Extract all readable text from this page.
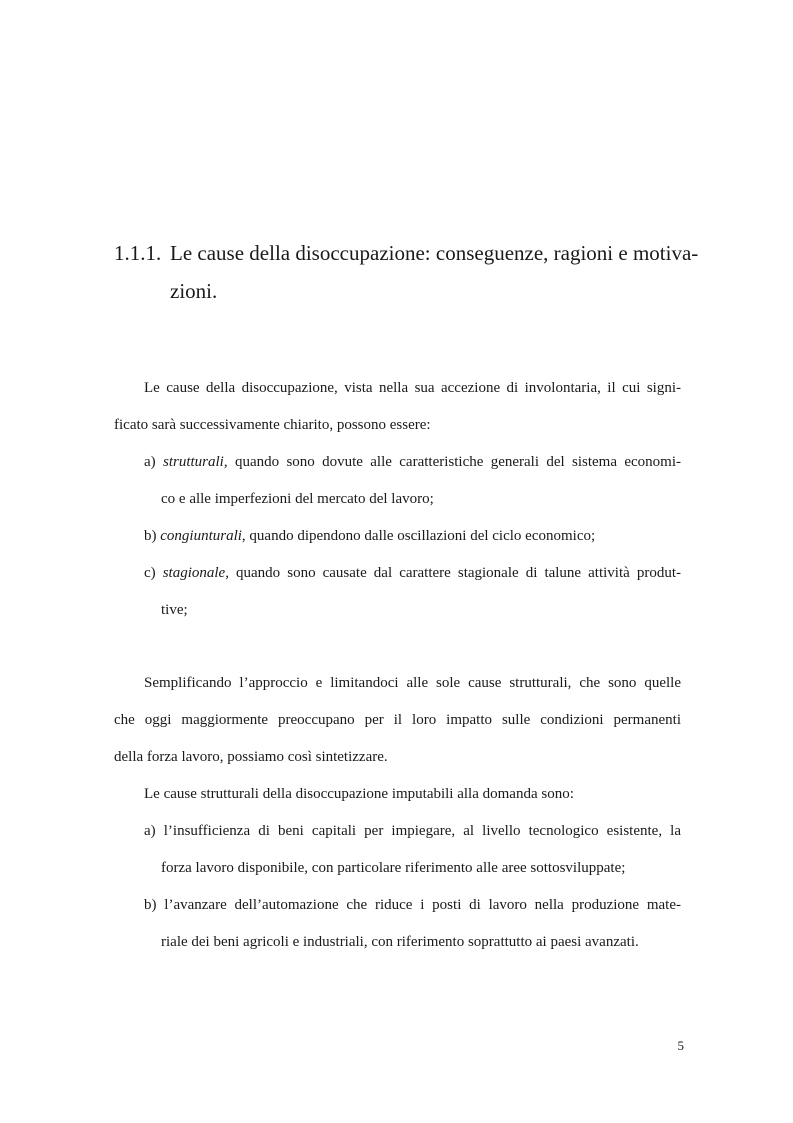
1.1.1. Le cause della disoccupazione: conseguenze, ragioni e motiva-
zioni.
Le cause della disoccupazione, vista nella sua accezione di involontaria, il cui signi-
ficato sarà successivamente chiarito, possono essere:
a) strutturali, quando sono dovute alle caratteristiche generali del sistema economi-
co e alle imperfezioni del mercato del lavoro;
b) congiunturali, quando dipendono dalle oscillazioni del ciclo economico;
c) stagionale, quando sono causate dal carattere stagionale di talune attività produt-
tive;
Semplificando l’approccio e limitandoci alle sole cause strutturali, che sono quelle
che oggi maggiormente preoccupano per il loro impatto sulle condizioni permanenti
della forza lavoro, possiamo così sintetizzare.
Le cause strutturali della disoccupazione imputabili alla domanda sono:
a) l’insufficienza di beni capitali per impiegare, al livello tecnologico esistente, la
forza lavoro disponibile, con particolare riferimento alle aree sottosviluppate;
b) l’avanzare dell’automazione che riduce i posti di lavoro nella produzione mate-
riale dei beni agricoli e industriali, con riferimento soprattutto ai paesi avanzati.
5
